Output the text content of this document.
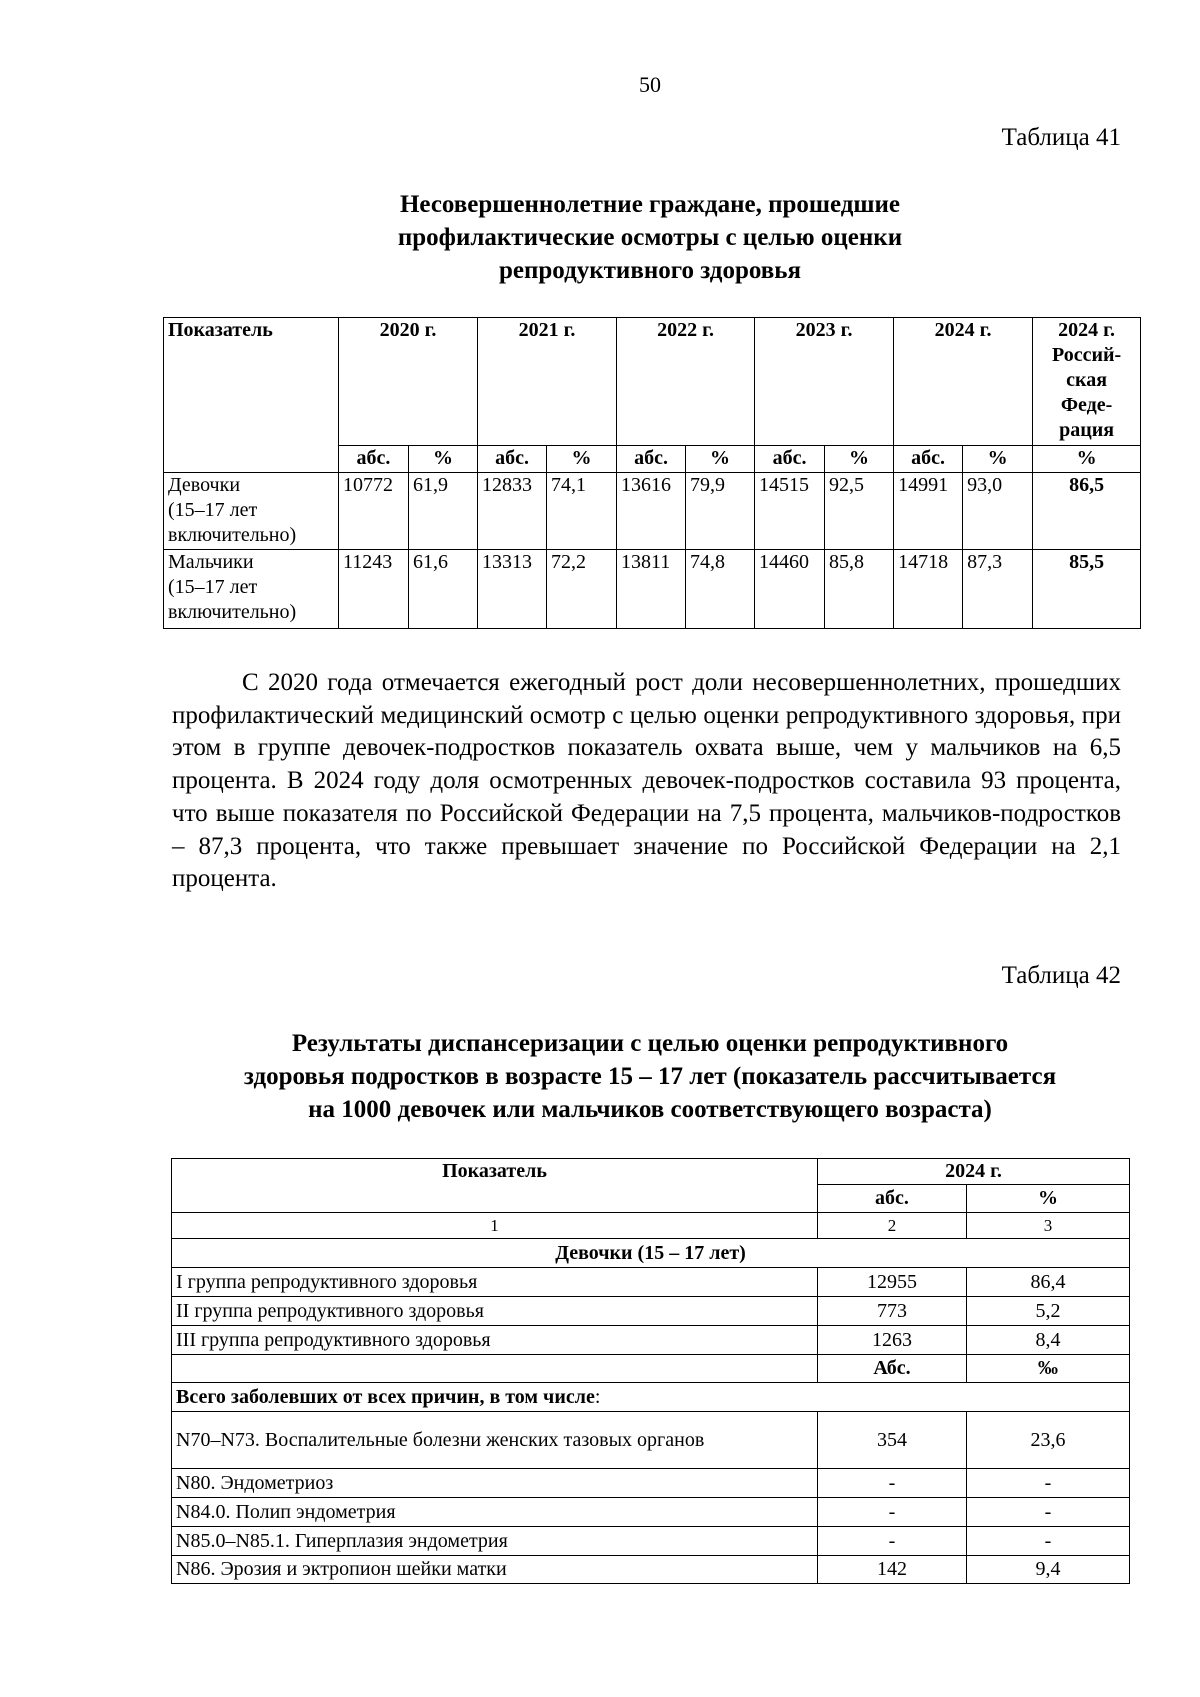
50
Таблица 41
Несовершеннолетние граждане, прошедшие
профилактические осмотры с целью оценки
репродуктивного здоровья
Показатель	2020 г.		2021 г.		2022 г.		2023 г.		2024 г.		2024 г.
Россий-
ская
Феде-
рация

	абс.	%	абс.	%	абс.	%	абс.	%	абс.	%	%

Девочки
(15–17 лет
включительно)	10772	61,9	12833	74,1	13616	79,9	14515	92,5	14991	93,0	86,5

Мальчики
(15–17 лет
включительно)	11243	61,6	13313	72,2	13811	74,8	14460	85,8	14718	87,3	85,5

С 2020 года отмечается ежегодный рост доли несовершеннолетних, прошедших профилактический медицинский осмотр с целью оценки репродуктивного здоровья, при этом в группе девочек-подростков показатель охвата выше, чем у мальчиков на 6,5 процента. В 2024 году доля осмотренных девочек-подростков составила 93 процента, что выше показателя по Российской Федерации на 7,5 процента, мальчиков-подростков – 87,3 процента, что также превышает значение по Российской Федерации на 2,1 процента.

Таблица 42
Результаты диспансеризации с целью оценки репродуктивного
здоровья подростков в возрасте 15 – 17 лет (показатель рассчитывается
на 1000 девочек или мальчиков соответствующего возраста)
Показатель	2024 г.	
	абс.	%
1	2	3
Девочки (15 – 17 лет)		
I группа репродуктивного здоровья	12955	86,4
II группа репродуктивного здоровья	773	5,2
III группа репродуктивного здоровья	1263	8,4
	Абс.	‰
Всего заболевших от всех причин, в том числе:		
N70–N73. Воспалительные болезни женских тазовых органов	354	23,6
N80. Эндометриоз	-	-
N84.0. Полип эндометрия	-	-
N85.0–N85.1. Гиперплазия эндометрия	-	-
N86. Эрозия и эктропион шейки матки	142	9,4
